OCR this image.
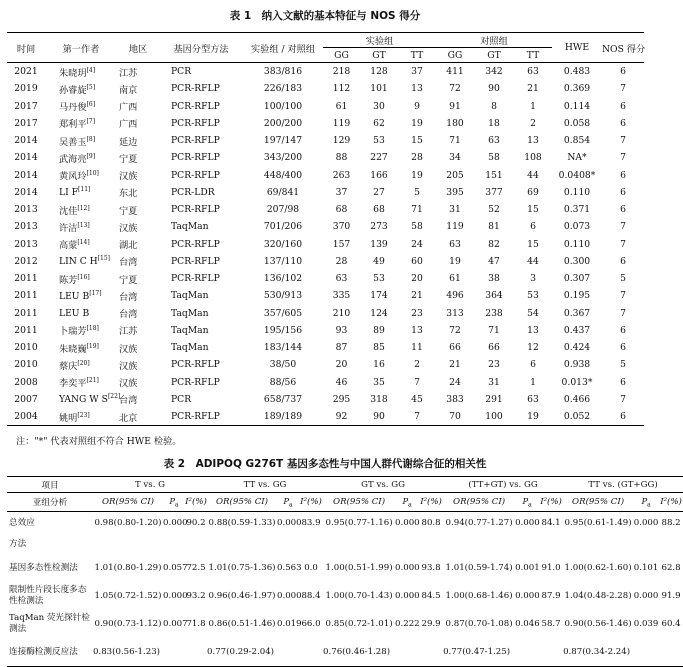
表 1　纳入文献的基本特征与 NOS 得分
时间	第一作者	地区	基因分型方法	实验组 / 对照组	实验组			对照组			HWE	NOS 得分
					GG	GT	TT	GG	GT	TT		
2021	朱晓玥[4]	江苏	PCR	383/816	218	128	37	411	342	63	0.483	6
2019	孙睿旋[5]	南京	PCR-RFLP	226/183	112	101	13	72	90	21	0.369	7
2017	马丹俊[6]	广西	PCR-RFLP	100/100	61	30	9	91	8	1	0.114	6
2017	郑利平[7]	广西	PCR-RFLP	200/200	119	62	19	180	18	2	0.058	6
2014	吴善玉[8]	延边	PCR-RFLP	197/147	129	53	15	71	63	13	0.854	7
2014	武海亮[9]	宁夏	PCR-RFLP	343/200	88	227	28	34	58	108	NA*	7
2014	黄风玲[10]	汉族	PCR-RFLP	448/400	263	166	19	205	151	44	0.0408*	6
2014	LI F[11]	东北	PCR-LDR	69/841	37	27	5	395	377	69	0.110	6
2013	沈佳[12]	宁夏	PCR-RFLP	207/98	68	68	71	31	52	15	0.371	6
2013	许洁[13]	汉族	TaqMan	701/206	370	273	58	119	81	6	0.073	7
2013	高蒙[14]	湖北	PCR-RFLP	320/160	157	139	24	63	82	15	0.110	7
2012	LIN C H[15]	台湾	PCR-RFLP	137/110	28	49	60	19	47	44	0.300	6
2011	陈芳[16]	宁夏	PCR-RFLP	136/102	63	53	20	61	38	3	0.307	5
2011	LEU B[17]	台湾	TaqMan	530/913	335	174	21	496	364	53	0.195	7
2011	LEU B	台湾	TaqMan	357/605	210	124	23	313	238	54	0.367	7
2011	卜瑞芳[18]	江苏	TaqMan	195/156	93	89	13	72	71	13	0.437	6
2010	朱晓巍[19]	汉族	TaqMan	183/144	87	85	11	66	66	12	0.424	6
2010	蔡庆[20]	汉族	PCR-RFLP	38/50	20	16	2	21	23	6	0.938	5
2008	李奕平[21]	汉族	PCR-RFLP	88/56	46	35	7	24	31	1	0.013*	6
2007	YANG W S[22]	台湾	PCR	658/737	295	318	45	383	291	63	0.466	7
2004	姚明[23]	北京	PCR-RFLP	189/189	92	90	7	70	100	19	0.052	6
注："*" 代表对照组不符合 HWE 检验。
表 2　ADIPOQ G276T 基因多态性与中国人群代谢综合征的相关性
项目	T vs. G			TT vs. GG			GT vs. GG			(TT+GT) vs. GG			TT vs. (GT+GG)		
亚组分析	OR(95% CI)	$P_a$	I²(%)	OR(95% CI)	$P_a$	I²(%)	OR(95% CI)	$P_a$	I²(%)	OR(95% CI)	$P_a$	I²(%)	OR(95% CI)	$P_a$	I²(%)
总效应	0.98(0.80-1.20)	0.000	90.2	0.88(0.59-1.33)	0.000	83.9	0.95(0.77-1.16)	0.000	80.8	0.94(0.77-1.27)	0.000	84.1	0.95(0.61-1.49)	0.000	88.2
方法															
基因多态性检测法	1.01(0.80-1.29)	0.057	72.5	1.01(0.75-1.36)	0.563	0.0	1.00(0.51-1.99)	0.000	93.8	1.01(0.59-1.74)	0.001	91.0	1.00(0.62-1.60)	0.101	62.8
限制性片段长度多态性检测法	1.05(0.72-1.52)	0.000	93.2	0.96(0.46-1.97)	0.000	88.4	1.00(0.70-1.43)	0.000	84.5	1.00(0.68-1.46)	0.000	87.9	1.04(0.48-2.28)	0.000	91.9
TaqMan 荧光探针检测法	0.90(0.73-1.12)	0.007	71.8	0.86(0.51-1.46)	0.019	66.0	0.85(0.72-1.01)	0.222	29.9	0.87(0.70-1.08)	0.046	58.7	0.90(0.56-1.46)	0.039	60.4
连接酶检测反应法	0.83(0.56-1.23)			0.77(0.29-2.04)			0.76(0.46-1.28)			0.77(0.47-1.25)			0.87(0.34-2.24)		
